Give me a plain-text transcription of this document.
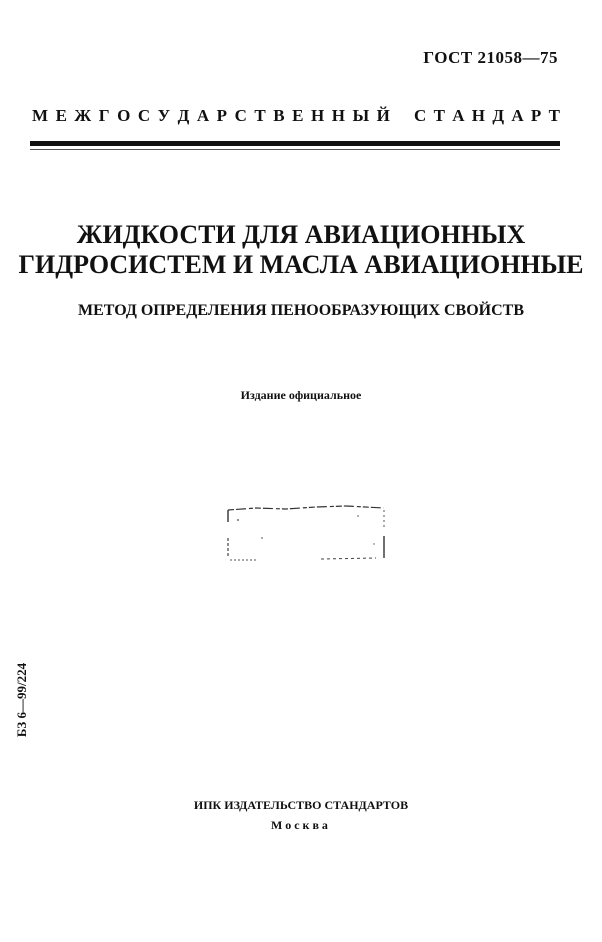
ГОСТ 21058—75
М Е Ж Г О С У Д А Р С Т В Е Н Н Ы Й С Т А Н Д А Р Т
ЖИДКОСТИ ДЛЯ АВИАЦИОННЫХ
ГИДРОСИСТЕМ И МАСЛА АВИАЦИОННЫЕ
МЕТОД ОПРЕДЕЛЕНИЯ ПЕНООБРАЗУЮЩИХ СВОЙСТВ
Издание официальное
БЗ 6—99/224
ИПК ИЗДАТЕЛЬСТВО СТАНДАРТОВ
Москва
